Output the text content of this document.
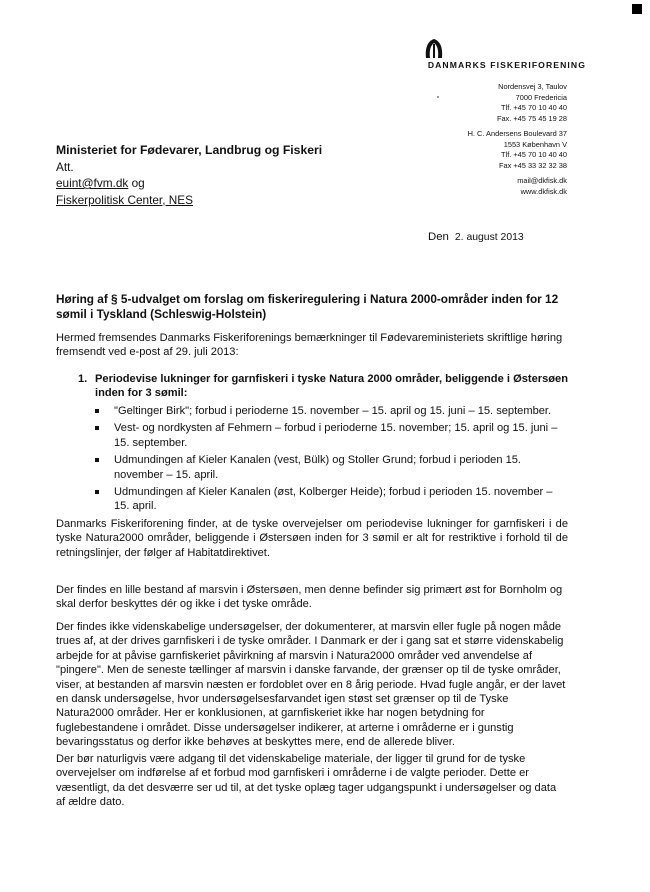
DANMARKS FISKERIFORENING
Nordensvej 3, Taulov
7000 Fredericia
Tlf. +45 70 10 40 40
Fax. +45 75 45 19 28
H. C. Andersens Boulevard 37
1553 København V
Tlf. +45 70 10 40 40
Fax +45 33 32 32 38
mail@dkfisk.dk
www.dkfisk.dk
Ministeriet for Fødevarer, Landbrug og Fiskeri
Att.
euint@fvm.dk og
Fiskerpolitisk Center, NES
Den 2. august 2013
Høring af § 5-udvalget om forslag om fiskeriregulering i Natura 2000-områder inden for 12 sømil i Tyskland (Schleswig-Holstein)
Hermed fremsendes Danmarks Fiskeriforenings bemærkninger til Fødevareministeriets skriftlige høring fremsendt ved e-post af 29. juli 2013:
1. Periodevise lukninger for garnfiskeri i tyske Natura 2000 områder, beliggende i Østersøen inden for 3 sømil:
"Geltinger Birk"; forbud i perioderne 15. november – 15. april og 15. juni – 15. september.
Vest- og nordkysten af Fehmern – forbud i perioderne 15. november; 15. april og 15. juni – 15. september.
Udmundingen af Kieler Kanalen (vest, Bülk) og Stoller Grund; forbud i perioden 15. november – 15. april.
Udmundingen af Kieler Kanalen (øst, Kolberger Heide); forbud i perioden 15. november – 15. april.
Danmarks Fiskeriforening finder, at de tyske overvejelser om periodevise lukninger for garnfiskeri i de tyske Natura2000 områder, beliggende i Østersøen inden for 3 sømil er alt for restriktive i forhold til de retningslinjer, der følger af Habitatdirektivet.
Der findes en lille bestand af marsvin i Østersøen, men denne befinder sig primært øst for Bornholm og skal derfor beskyttes dér og ikke i det tyske område.
Der findes ikke videnskabelige undersøgelser, der dokumenterer, at marsvin eller fugle på nogen måde trues af, at der drives garnfiskeri i de tyske områder. I Danmark er der i gang sat et større videnskabelig arbejde for at påvise garnfiskeriet påvirkning af marsvin i Natura2000 områder ved anvendelse af "pingere". Men de seneste tællinger af marsvin i danske farvande, der grænser op til de tyske områder, viser, at bestanden af marsvin næsten er fordoblet over en 8 årig periode. Hvad fugle angår, er der lavet en dansk undersøgelse, hvor undersøgelsesfarvandet igen støst set grænser op til de Tyske Natura2000 områder. Her er konklusionen, at garnfiskeriet ikke har nogen betydning for fuglebestandene i området. Disse undersøgelser indikerer, at arterne i områderne er i gunstig bevaringsstatus og derfor ikke behøves at beskyttes mere, end de allerede bliver.
Der bør naturligvis være adgang til det videnskabelige materiale, der ligger til grund for de tyske overvejelser om indførelse af et forbud mod garnfiskeri i områderne i de valgte perioder. Dette er væsentligt, da det desværre ser ud til, at det tyske oplæg tager udgangspunkt i undersøgelser og data af ældre dato.
